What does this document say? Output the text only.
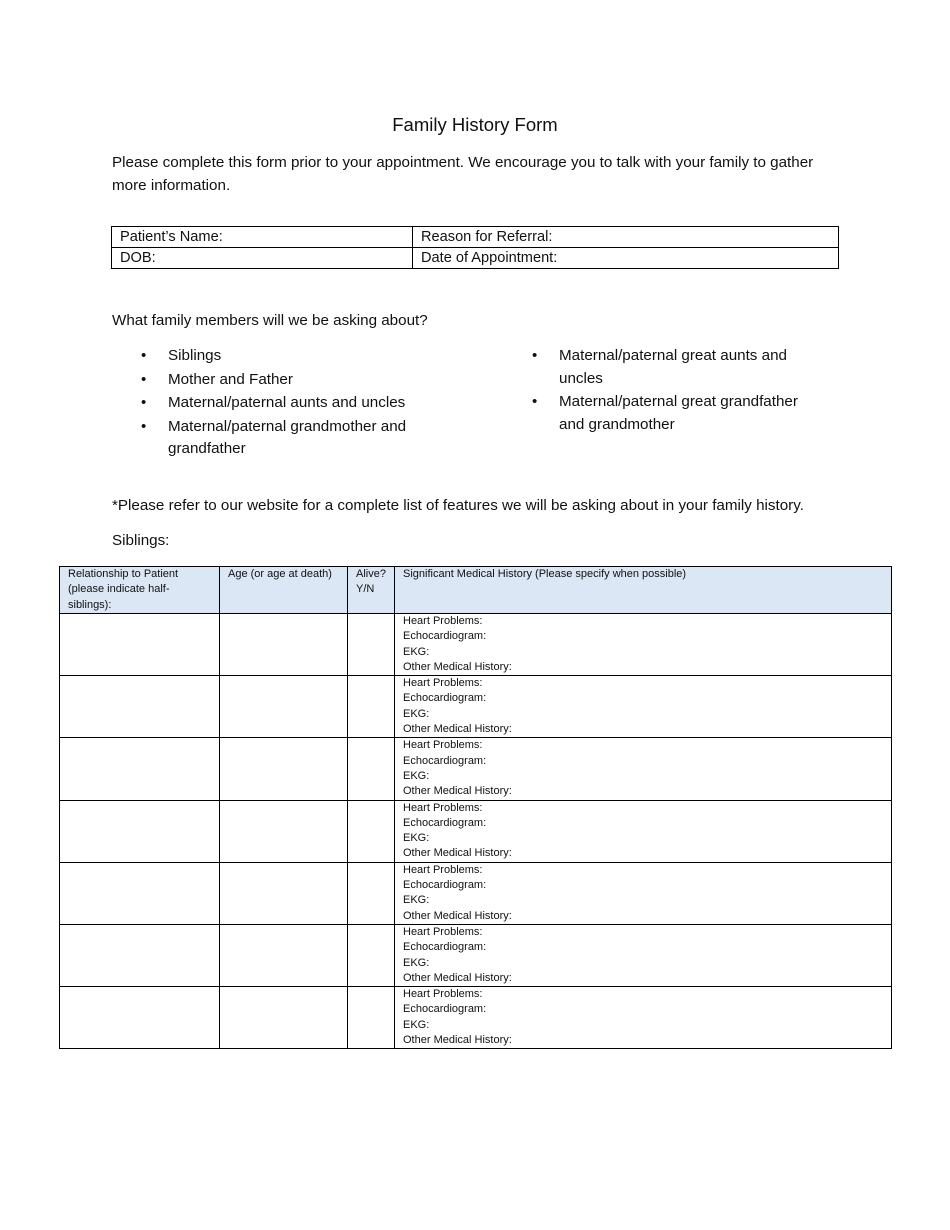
Family History Form
Please complete this form prior to your appointment. We encourage you to talk with your family to gather more information.
Patient’s Name:	Reason for Referral:
DOB:	Date of Appointment:
What family members will we be asking about?
• Siblings
• Mother and Father
• Maternal/paternal aunts and uncles
• Maternal/paternal grandmother and grandfather
• Maternal/paternal great aunts and uncles
• Maternal/paternal great grandfather and grandmother
*Please refer to our website for a complete list of features we will be asking about in your family history.
Siblings:
Relationship to Patient (please indicate half-siblings):	Age (or age at death)	Alive? Y/N	Significant Medical History (Please specify when possible)

			Heart Problems:
Echocardiogram:
EKG:
Other Medical History:

			Heart Problems:
Echocardiogram:
EKG:
Other Medical History:

			Heart Problems:
Echocardiogram:
EKG:
Other Medical History:

			Heart Problems:
Echocardiogram:
EKG:
Other Medical History:

			Heart Problems:
Echocardiogram:
EKG:
Other Medical History:

			Heart Problems:
Echocardiogram:
EKG:
Other Medical History:

			Heart Problems:
Echocardiogram:
EKG:
Other Medical History:
